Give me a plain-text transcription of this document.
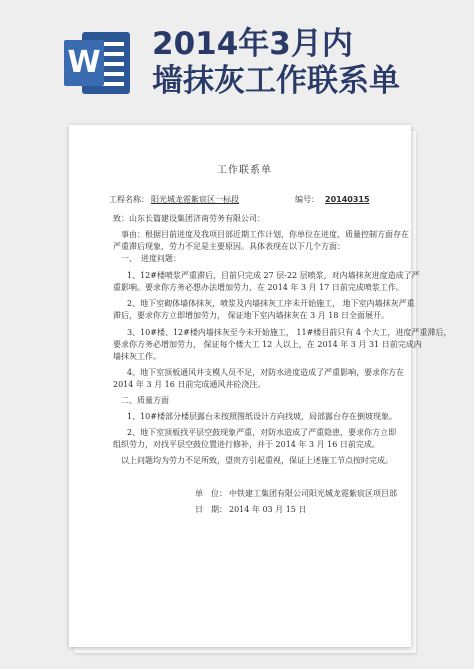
W
2014年3月内
墙抹灰工作联系单
工作联系单
工程名称： 阳光城龙霓紫宸区一标段	编号： 20140315
致：山东长篇建设集团济南劳务有限公司：
事由： 根据目前进度及我项目部近期工作计划，你单位在进度、质量控制方面存在
严重滞后现象，劳力不足是主要原因。具体表现在以下几个方面：
一、　进度问题：
1、12#楼喷浆严重滞后，目前只完成 27 层-22 层喷浆，对内墙抹灰进度造成了严
重影响。要求你方务必想办法增加劳力，在 2014 年 3 月 17 日前完成喷浆工作。
2、地下室砌体墙体抹灰，喷浆及内墙抹灰工序未开始施工， 地下室内墙抹灰严重
滞后，要求你方立即增加劳力， 保证地下室内墙抹灰在 3 月 18 日全面展开。
3、10#楼、12#楼内墙抹灰至今未开始施工， 11#楼目前只有 4 个大工，进度严重滞后，
要求你方务必增加劳力， 保证每个楼大工 12 人以上，在 2014 年 3 月 31 日前完成内
墙抹灰工作。
4、地下室顶板通风井支模人员不足，对防水进度造成了严重影响，要求你方在
2014 年 3 月 16 日前完成通风井砼浇注。
二、质量方面
1、10#楼部分楼层露台未按照图纸设计方向找坡，局部露台存在倒坡现象。
2、地下室顶板找平层空鼓现象严重，对防水造成了严重隐患，要求你方立即
组织劳力，对找平层空鼓位置进行修补，并于 2014 年 3 月 16 日前完成。
以上问题均为劳力不足所致，望贵方引起重视，保证上述施工节点按时完成。
单　位： 中铁建工集团有限公司阳光城龙霓紫宸区项目部
日　期： 2014 年 03 月 15 日
